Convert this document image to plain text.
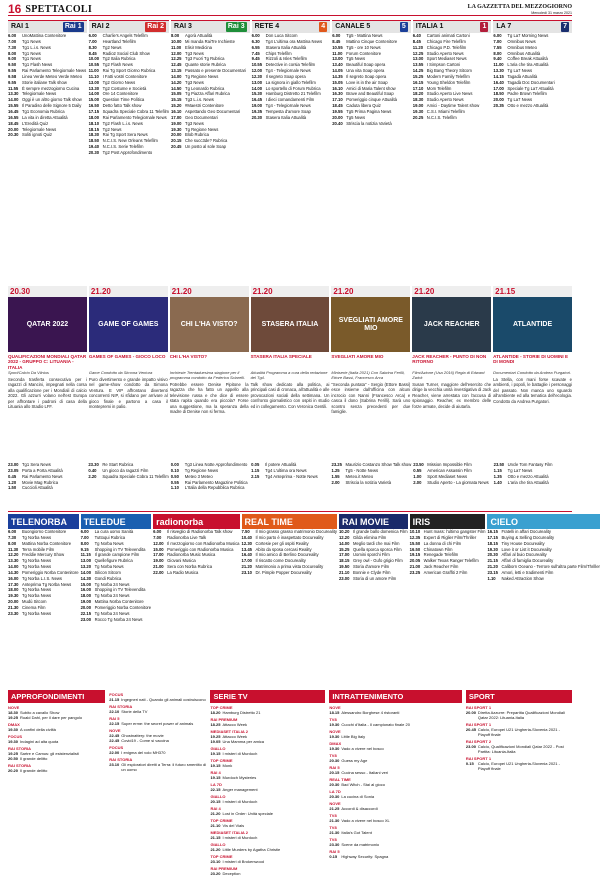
16 SPETTACOLI	LA GAZZETTA DEL MEZZOGIORNO
Mercoledì 31 marzo 2021
RAI 1	Rai 1
6.00	UnoMattina Contenitore
7.00	Tg1 News
7.30	Tg1 L.i.s. News
8.00	Tg1 News
9.00	Tg1 News
9.50	Tg1 Flash News
9.55	Rai Parlamento Telegiornale News
9.58	Linea Verde Meteo Verde Meteo
9.55	Storie italiane Talk show
11.55 È sempre mezzogiorno Cucina
13.30 Telegiornale News
14.00 Oggi è un altro giorno Talk show
15.55 Il Paradiso delle Signore 5 Daily
16.45 Tg1 Economia Rubrica
16.55 La vita in diretta Attualità
18.45 L'Eredità Quiz
20.00 Telegiornale News
20.30 Soliti ignoti Quiz
RAI 2	Rai 2
6.00	Charlie's Angels Telefilm
7.00	Heartland Telefilm
8.30	Tg2 News
8.45	Radio2 Social Club Show
10.00 Tg2 Italia Rubrica
10.55 Tg2 Flash News
11.00 Rai Tg Sport Giorno Rubrica
11.10 I Fatti vostri Contenitore
13.00 Tg2 Giorno News
13.30 Tg2 Costume e Società
14.00 Ore 14 Contenitore
15.00 Question Time Politica
16.50 Detto fatto Talk show
17.15 Squadra Speciale Cobra 11 Telefilm
18.00 Rai Parlamento Telegiornale News
18.10 Tg2 Flash L.i.s. News
18.15 Tg2 News
18.30 Rai Tg Sport Sera News
18.50 N.C.I.S. New Orleans Telefilm
19.40 N.C.I.S. Serie Telefilm
20.30 Tg2 Post Approfondimento
RAI 3	Rai 3
8.00	Agorà Attualità
10.00 Mi manda RaiTre Inchieste
11.00 Elisir Medicina
12.00 Tg3 News
12.25 Tg3 Fuori Tg Rubrica
12.45 Quante storie Rubrica
13.15 Passato e presente Documentari
14.00 Tg Regione News
14.20 Tg3 News
14.50 Tg Leonardo Rubrica
15.05 Tg Piazza Affari Rubrica
15.15 Tg3 L.i.s. News
15.20 #Maestri Contenitore
16.10 Aspettando Geo Documentari
17.00 Geo Documentari
19.00 Tg3 News
19.30 Tg Regione News
20.00 Blob Rubrica
20.15 Che succ3de? Rubrica
20.45 Un posto al sole Soap
RETE 4	4
6.00	Don Luca Sitcom
6.30	Tg4 L'ultima ora Mattina News
6.55	Stasera Italia Attualità
7.45	Chips Telefilm
9.45	Rizzoli & Isles Telefilm
10.55 Detective in corsia Telefilm
12.00 Tg4 - Telegiornale News
12.30 Il segreto Soap opera
13.00 La signora in giallo Telefilm
14.00 Lo sportello di Forum Rubrica
15.30 Hamburg Distretto 21 Telefilm
16.45 I dieci comandamenti Film
19.00 Tg4 - Telegiornale News
19.35 Tempesta d'amore Soap
20.30 Stasera Italia Attualità
CANALE 5	5
6.00	Tg5 - Mattina News
8.45	Mattino Cinque Contenitore
10.55 Tg5 - ore 10 News
11.00 Forum Contenitore
13.00 Tg5 News
13.40 Beautiful Soap opera
14.05 Una vita Soap opera
14.35 Il segreto Soap opera
15.05 Love is in the air Soap
16.10 Amici di Maria Talent show
16.30 Brave and Beautiful Soap
17.10 Pomeriggio cinque Attualità
18.45 Caduta libera Quiz
19.55 Tg5 Prima Pagina News
20.00 Tg5 News
20.40 Striscia la notizia Varietà
ITALIA 1	1
6.40	Cartoni animati Cartoni
8.45	Chicago Fire Telefilm
11.20 Chicago P.D. Telefilm
12.25 Studio Aperto News
13.00 Sport Mediaset News
13.55 I Simpson Cartoni
14.25 Big Bang Theory Sitcom
15.25 Modern Family Telefilm
16.15 Young Sheldon Telefilm
17.10 Mom Telefilm
18.20 Studio Aperto Live News
18.30 Studio Aperto News
19.00 Amici - Daytime Talent show
19.30 C.S.I. Miami Telefilm
20.25 N.C.I.S. Telefilm
LA 7	7
6.00	Tg La7 Morning News
7.00	Omnibus News
7.55	Omnibus Meteo
8.00	Omnibus Attualità
9.40	Coffee Break Attualità
11.00 L'aria che tira Attualità
13.30 Tg La7 News
14.15 Tagadà Attualità
16.40 Tagadà Doc Documentari
17.00 Speciale Tg La7 Attualità
18.50 Padre Brown Telefilm
20.00 Tg La7 News
20.35 Otto e mezzo Attualità
20.30
QATAR 2022
QUALIFICAZIONI MONDIALI QATAR 2022 - GRUPPO C: LITUANIA - ITALIA
Sport/Calcio Da Vilnius
Seconda trasferta consecutiva per i ragazzi di Mancini, impegnati nella corsa alla qualificazione per i Mondiali di calcio 2022. Gli azzurri volano nell'est Europa per affrontare i padroni di casa della Lituania allo Stadio LFF.
21.20
GAME OF GAMES
GAMES OF GAMES - GIOCO LOCO
Game Condotto da Simona Ventura
Puro divertimento e grande impatto visivo nel game-show condotto da Simona Ventura. E VIP affrontano divertenti concorrenti NIP, si sfidano per arrivare al gioco finale e partono a casa il montepremi in palio.
21.20
CHI L'HA VISTO?
CHI L'HA VISTO?
Inchieste Trentaduesima stagione per il programma condotto da Federica Sciarelli.
Potrebbe essere Denise Pipitone la ragazza che ha fatto un appello alla televisione russa e che dice di essere stata rapita quando era piccola? Forse una suggestione, ma la speranza della madre di Denise non si ferma.
21.20
STASERA ITALIA
STASERA ITALIA SPECIALE
Attualità Programma a cura della redazione del Tg4.
Talk show dedicato alla politica, ai principali casi di cronaca, all'attualità e alle provocazioni sociali della settimana. Un confronto giornalistico con ospiti in studio ed in collegamento. Con Veronica Gentili.
21.20
SVEGLIATI AMORE MIO
SVEGLIATI AMORE MIO
Miniserie (Italia 2021) Con Sabrina Ferilli, Ettore Bassi, Francesco Arca
"Seconda puntata" - Sergio (Ettore Bassi) esce insieme dall'officina con alcuni incrocio con Nanni (Francesco Arca) e casca il dono (Sabrina Ferilli). Sarà uno scontro senza precedenti per due famiglie.
21.20
JACK REACHER
JACK REACHER - PUNTO DI NON RITORNO
Film/Azione (Usa 2016) Regia di Edward Zwick
Susan Turner, maggiore dell'esercito che dirige la vecchia unità investigativa di Jack Reacher, viene arrestata con l'accusa di spionaggio. Reacher, ex membro delle forze armate, decide di aiutarla.
21.15
ATLANTIDE
ATLANTIDE - STORIE DI UOMINI E DI MONDI
Documentari Condotto da Andrea Purgatori.
La Stella, con mani forse scavate e ambienti, i popoli, le battaglie i personaggi del passato. Non manca uno sguardo all'ambiente ed alla tematica dell'ecologia. Condotto da Andrea Purgatori.
23.00 Tg1 Sera News
23.05 Porta a Porta Attualità
0.45	Rai Parlamento News
1.20	Movie Mag Rubrica
1.50	Cuccioli Attualità
23.30 Re Start Rubrica
0.40	Un gioco da ragazzi Film
2.20	Squadra Speciale Cobra 11 Telefilm
0.00	Tg3 Linea Notte Approfondimento
0.10	Tg Regione News
0.50	Meteo 3 Meteo
0.55	Rai Parlamento Magazine Politica
1.10	L'Italia della Repubblica Rubrica
0.05	Il potere Attualità
1.15	Tg4 L'ultima ora News
2.15	Tg4 Anteprima - Notte News
23.25 Maurizio Costanzo Show Talk show
1.25	Tg5 - Notte News
1.55	Meteo.it Meteo
2.00	Striscia la notizia Varietà
23.50 Mission Impossible Film
0.55	American Assassin Film
1.00	Sport Mediaset News
2.00	Studio Aperto - La giornata News
23.50 Uncle Tom Fantasy Film
1.15	Tg La7 News
1.35	Otto e mezzo Attualità
1.40	L'aria che tira Attualità
TELENORBA
6.00	Buongiorno Contenitore
7.30	Tg Norba News
8.00	Mattina Norba Contenitore
11.30 Terra mobile Film
12.20 Freddie Mercury Show
13.30 Tg Norba News
14.00 Tg Norba News
14.30 Pomeriggio Norba Contenitore
16.00 Tg Norba L.I.S. News
17.30 Anteprima Tg Norba News
18.00 Tg Norba News
19.30 Tg Norba News
20.00 Mudù Sitcom
21.30 Cinema Film
23.30 Tg Norba News
TELEDUE
6.00	La cura uomo Sanità
7.00	Tuttoqui Rubrica
8.00	Tg Norba News
9.15	Shopping in TV Televendita
11.15 Il grande campione Film
13.00 Quellefigure Rubrica
13.20 Tg Norba News
14.00 Silicon Sitcom
14.30 Gondi Rubrica
15.00 Tg Norba 24 News
16.00 Shopping in TV Televendita
18.00 Tg Norba 24 News
19.00 Mattina Norba Contenitore
20.00 Pomeriggio Norba Contenitore
22.15 Tg Norba 24 News
23.00 Rocco Tg Norba 24 News
radionorba
6.00	Il risveglio di Radionorba Talk show
7.00	Radionorba Live Talk
12.00 Il mezzogiorno con Radionorba Musica
15.00 Pomeriggio con Radionorba Musica
17.00 Radionorba Music Musica
19.00 Giovani Musica
21.00 Sera con Norba Rubrica
22.00 La Radio Musica
REAL TIME
7.50	Il mio grasso grasso matrimonio Docureality
10.40 Il mio parto è inaspettato Docureality
12.30 Cortesie per gli ospiti Reality
13.45 Abito da sposa cercasi Reality
16.40 Il mio amico di Berlino Docureality
17.00 Il riscatto come Docureality
21.20 Matrimonio a prima vista Docureality
23.10 Dr. Pimple Popper Docureality
RAI MOVIE
10.20 Il grande ballo domenica Film
12.20 Gilda elimina Film
14.00 Meglio tardi che mai Film
15.25 Quella sporca sporca Film
17.00 Uomini sporchi Film
18.15 Grey owl - Gufo grigio Film
19.50 Storia d'amore Film
21.10 Bonnie e Clyde Film
23.00 Storia di un amore Film
IRIS
10.10 Hunt mass: l'ultimo gangster Film
12.35 Expert di Riglier Film/Thriller
15.50 La donna di chi Film
16.50 Chinatown Film
19.15 Renegade Telefilm
20.05 Walker Texas Ranger Telefilm
21.00 Jack Reacher Film
23.25 American Graffiti 2 Film
CIELO
16.15 Fratelli in affari Docureality
17.15 Buying & Selling Docureality
18.15 Tiny House Docureality
19.30 Love it or List it Docureality
20.30 Affari al buio Docureality
21.15 Affari di famiglia Docureality
21.20 Caliborn Oceano - Terrore sull'altra parte Film/Thriller
23.15 Amori, letti e tradimenti Film
1.10	Naked Attraction Show
APPROFONDIMENTI
NOVE
18.30 Subito a cavallo Show
19.25 Roald Dahl, per il dare per pangolo
DMAX
19.30 A confini della civiltà
FOCUS
19.30 Indagini ad alta quota
RAI STORIA
19.25 Sartre e Camus: gli esistenzialisti
20.50 Il grande delitto
RAI STORIA
20.20 Il grande delitto
FOCUS
21.15 Ingegneri nati - Quando gli animali costruiscono
RAI STORIA
22.10 Storie della TV
RAI 5
22.15 Super erme: the secret power of animals
NOVE
22.45 Ghostnattery: the movie
22.45 Covid19 - Come si vaccina
FOCUS
22.00 I enigma del volo MH370
RAI STORIA
23.10 Gli esploratori diretti a Terra: il futuro smentito di un uomo
SERIE TV
TOP CRIME
18.20 Hamburg Distretto 21
RAI PREMIUM
18.25 Attacco Week
MEDIASET ITALIA 2
19.25 Attacco Week
19.05 Una Mamma per amica
GIALLO
19.15 I misteri di Murdoch
TOP CRIME
19.15 Monk
RAI 4
19.15 Murdoch Mysteries
LA 7D
22.15 Anger management
GIALLO
20.15 I misteri di Murdoch
RAI 4
21.20 Lost in Order: Unità speciale
TOP CRIME
21.10 Vis del Vials
MEDIASET ITALIA 2
21.15 I misteri di Murdoch
GIALLO
21.20 Little Murders by Agatha Christie
TOP CRIME
23.10 I misteri di Brokenwood
RAI PREMIUM
23.20 Deception
INTRATTENIMENTO
NOVE
18.15 Alessandro Borghese 4 ristoranti
TV8
19.30 Cuochi d'Italia - Il campionato finale 20
NOVE
19.30 Little Big Italy
DMAX
19.30 Vado a vivere nel bosco
TV8
20.30 Guess my Age
RAI 5
20.15 Cucina sesso - Italiani veri
REAL TIME
20.30 Bad Witch - Stai al gioco
LA 7D
20.30 La cucina di Sonia
NOVE
21.25 Accordi & disaccordi
TV8
21.30 Vado a vivere nel bosco XL
TV8
21.30 Italia's Got Talent
TV8
23.30 Scene da matrimonio
RAI 5
0.15	Highway Security: Spagna
SPORT
RAI SPORT 1
20.00 Diretta Azzurre: Prepartita Qualificazioni Mondiali Qatar 2022: Lituania-Italia
RAI SPORT 1
20.45 Calcio, Europei U21 Ungheria-Slovenia 2021 - Playoff finale
RAI SPORT 2
23.00 Calcio, Qualificazioni Mondiali Qatar 2022 - Post Partita: Lituania-Italia
RAI SPORT 1
0.15	Calcio, Europei U21 Ungheria-Slovenia 2021 - Playoff finale
